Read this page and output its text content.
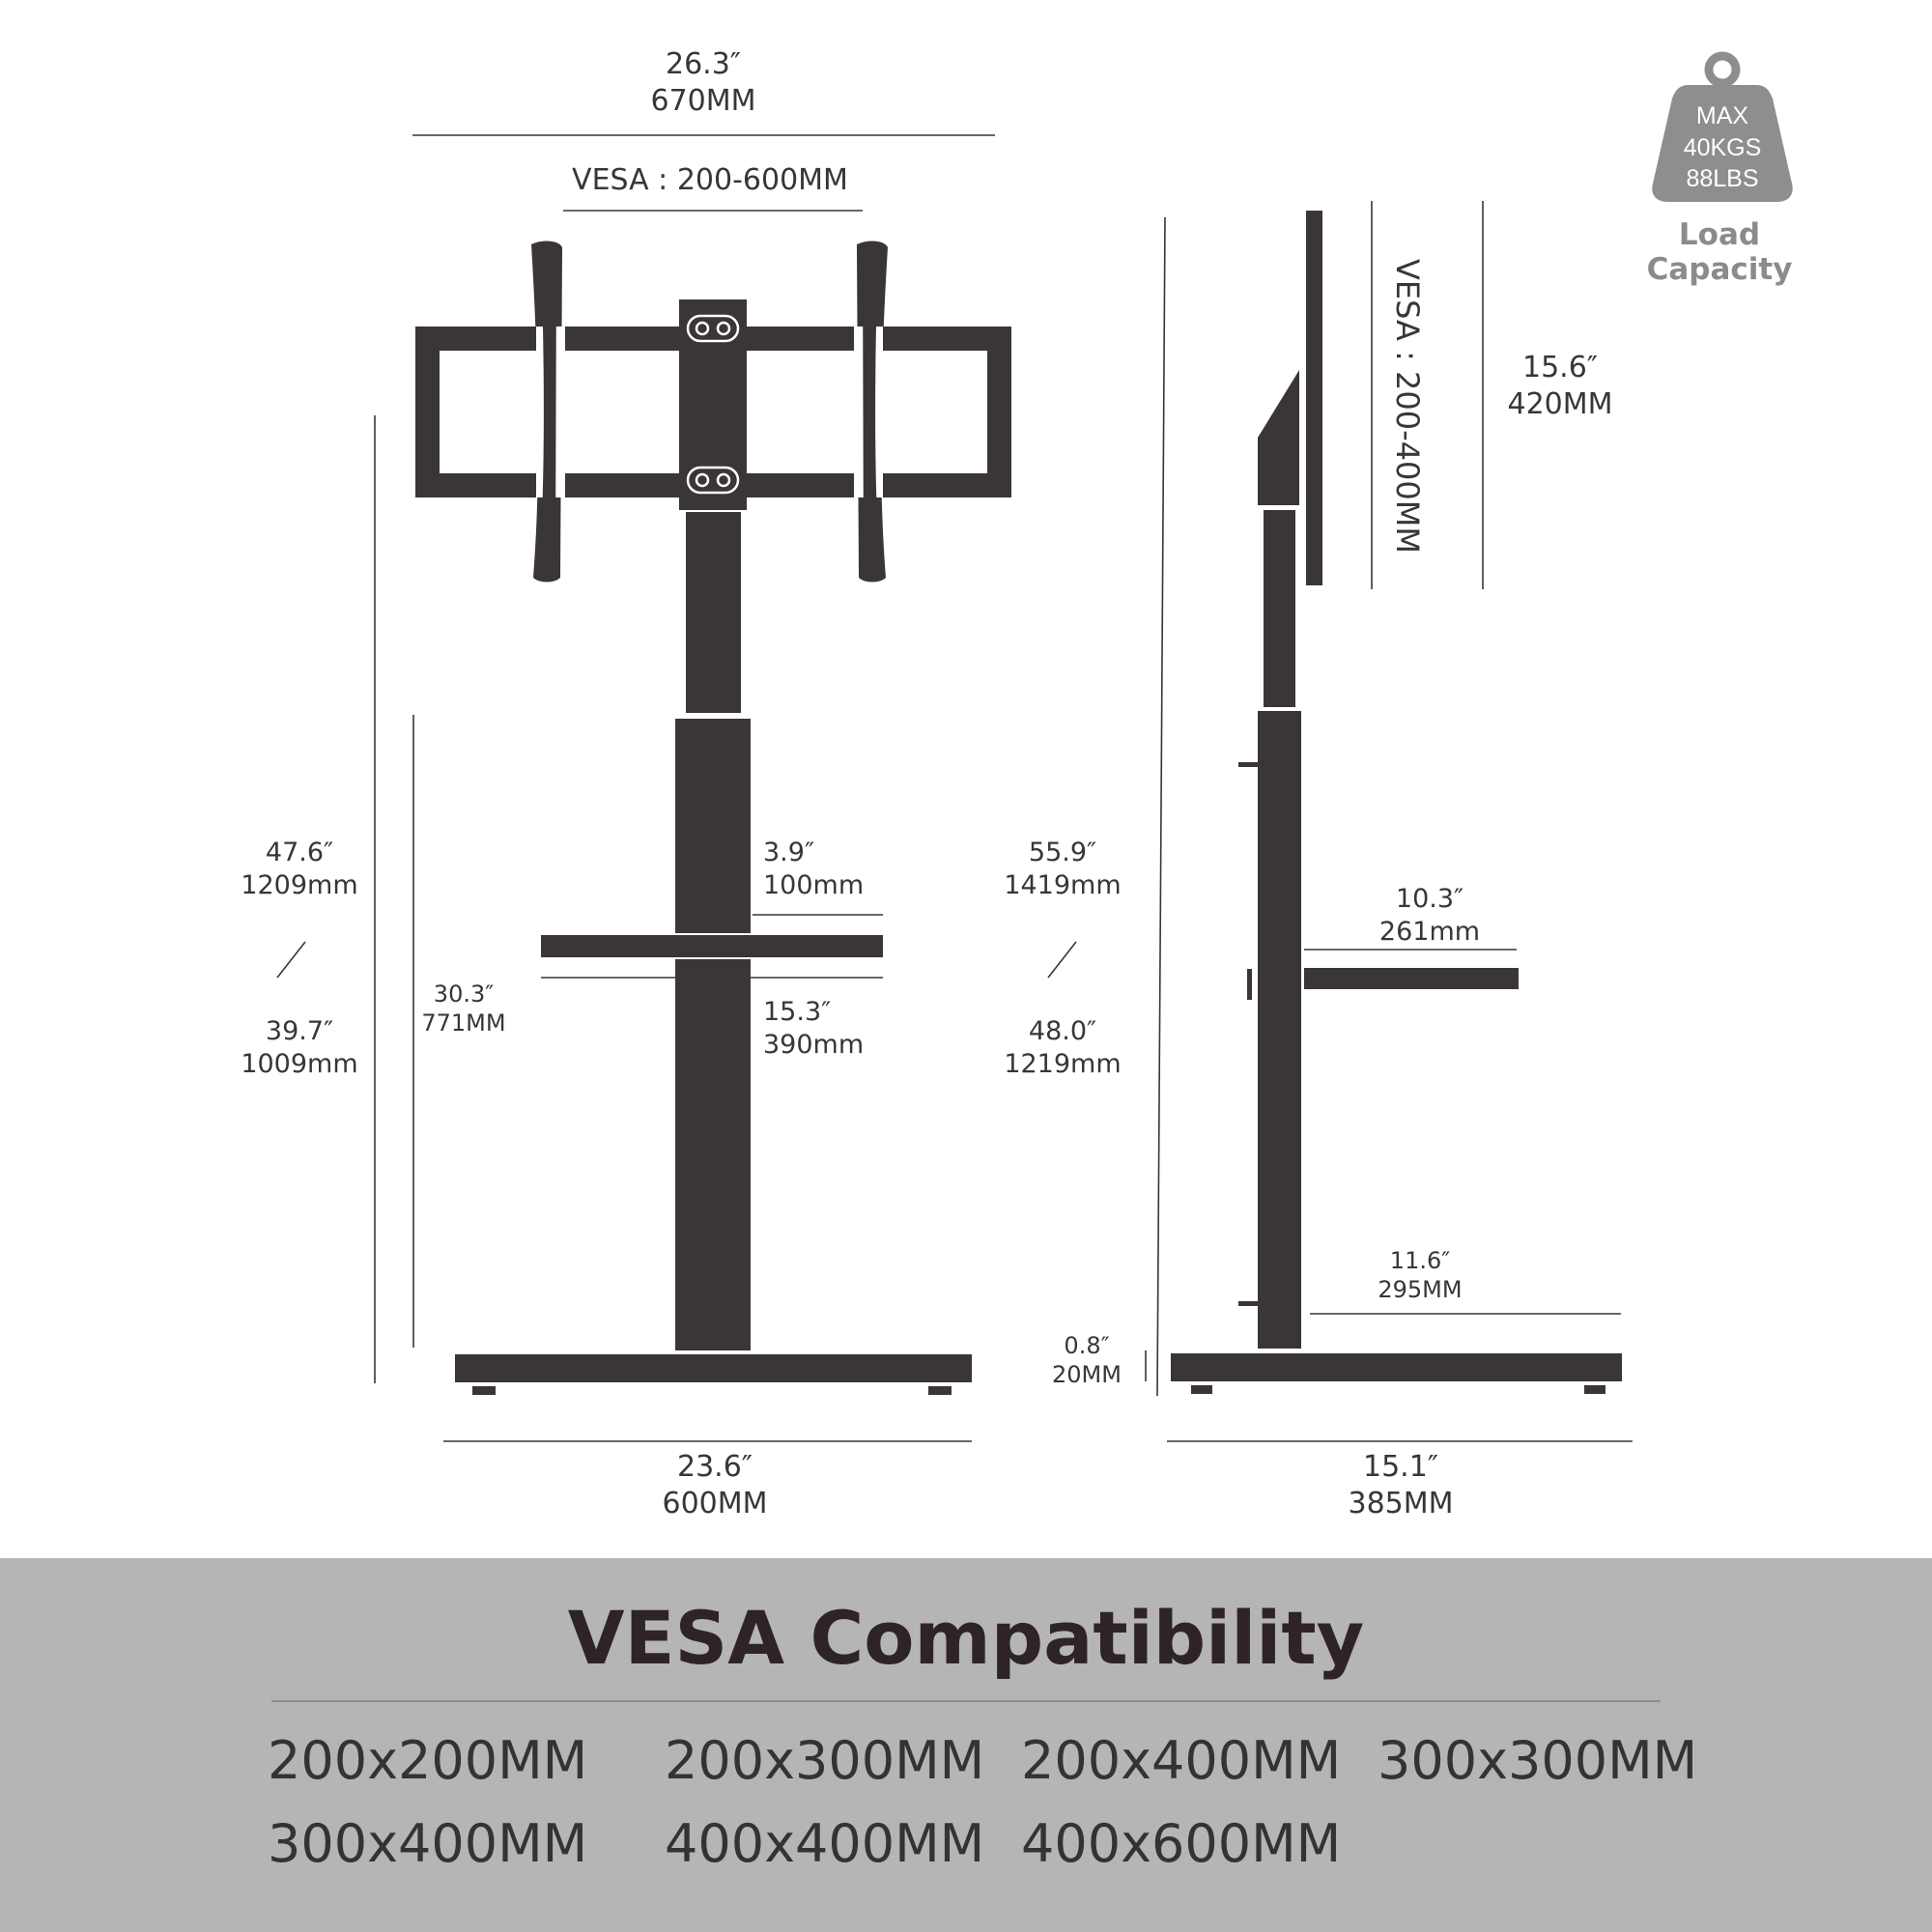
26.3″
670MM
VESA : 200-600MM
47.6″
1209mm
39.7″
1009mm
30.3″
771MM
3.9″
100mm
15.3″
390mm
23.6″
600MM
VESA : 200-400MM	15.6″
420MM
55.9″
1419mm
48.0″
1219mm
10.3″
261mm
11.6″
295MM
0.8″
20MM
15.1″
385MM
MAX
40KGS
88LBS
Load Capacity
VESA Compatibility
200x200MM 200x300MM 200x400MM 300x300MM
300x400MM 400x400MM 400x600MM
